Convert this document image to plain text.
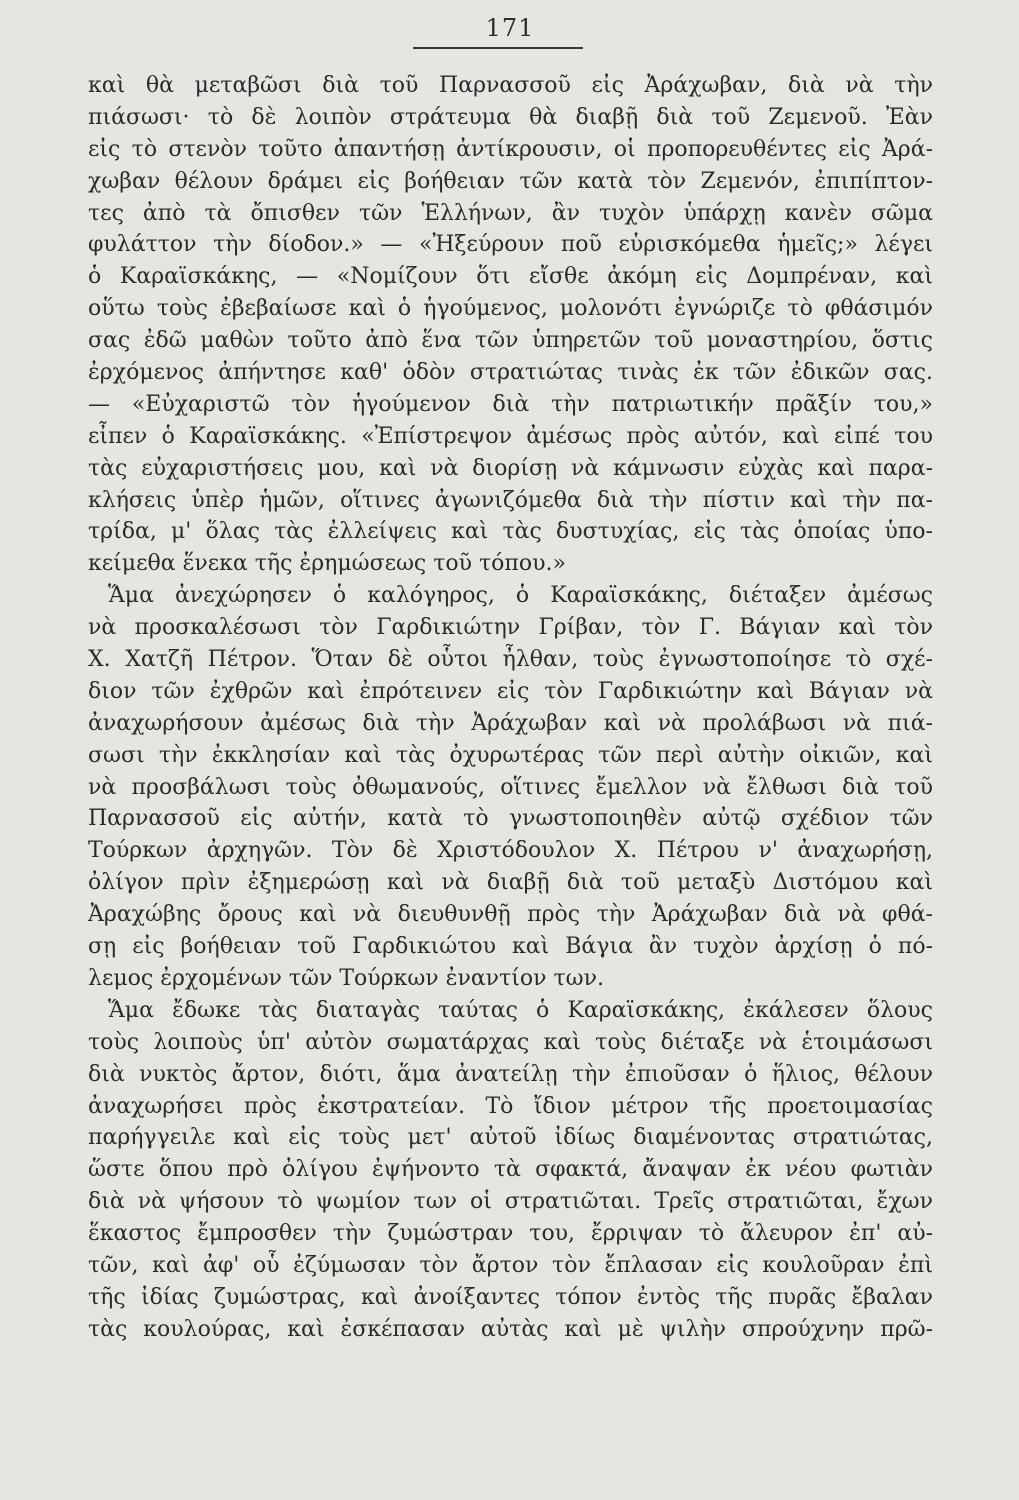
171
καὶ θὰ μεταβῶσι διὰ τοῦ Παρνασσοῦ εἰς Ἀράχωβαν, διὰ νὰ τὴν
πιάσωσι· τὸ δὲ λοιπὸν στράτευμα θὰ διαβῇ διὰ τοῦ Ζεμενοῦ. Ἐὰν
εἰς τὸ στενὸν τοῦτο ἀπαντήσῃ ἀντίκρουσιν, οἱ προπορευθέντες εἰς Ἀρά-
χωβαν θέλουν δράμει εἰς βοήθειαν τῶν κατὰ τὸν Ζεμενόν, ἐπιπίπτον-
τες ἀπὸ τὰ ὄπισθεν τῶν Ἑλλήνων, ἂν τυχὸν ὑπάρχῃ κανὲν σῶμα
φυλάττον τὴν δίοδον.» — «Ἠξεύρουν ποῦ εὑρισκόμεθα ἡμεῖς;» λέγει
ὁ Καραϊσκάκης, — «Νομίζουν ὅτι εἴσθε ἀκόμη εἰς Δομπρέναν, καὶ
οὕτω τοὺς ἐβεβαίωσε καὶ ὁ ἡγούμενος, μολονότι ἐγνώριζε τὸ φθάσιμόν
σας ἐδῶ μαθὼν τοῦτο ἀπὸ ἕνα τῶν ὑπηρετῶν τοῦ μοναστηρίου, ὅστις
ἐρχόμενος ἀπήντησε καθ' ὁδὸν στρατιώτας τινὰς ἐκ τῶν ἐδικῶν σας.
— «Εὐχαριστῶ τὸν ἡγούμενον διὰ τὴν πατριωτικήν πρᾶξίν του,»
εἶπεν ὁ Καραϊσκάκης. «Ἐπίστρεψον ἀμέσως πρὸς αὐτόν, καὶ εἰπέ του
τὰς εὐχαριστήσεις μου, καὶ νὰ διορίσῃ νὰ κάμνωσιν εὐχὰς καὶ παρα-
κλήσεις ὑπὲρ ἡμῶν, οἵτινες ἀγωνιζόμεθα διὰ τὴν πίστιν καὶ τὴν πα-
τρίδα, μ' ὅλας τὰς ἐλλείψεις καὶ τὰς δυστυχίας, εἰς τὰς ὁποίας ὑπο-
κείμεθα ἕνεκα τῆς ἐρημώσεως τοῦ τόπου.»
Ἅμα ἀνεχώρησεν ὁ καλόγηρος, ὁ Καραϊσκάκης, διέταξεν ἀμέσως
νὰ προσκαλέσωσι τὸν Γαρδικιώτην Γρίβαν, τὸν Γ. Βάγιαν καὶ τὸν
Χ. Χατζῆ Πέτρον. Ὅταν δὲ οὗτοι ἦλθαν, τοὺς ἐγνωστοποίησε τὸ σχέ-
διον τῶν ἐχθρῶν καὶ ἐπρότεινεν εἰς τὸν Γαρδικιώτην καὶ Βάγιαν νὰ
ἀναχωρήσουν ἀμέσως διὰ τὴν Ἀράχωβαν καὶ νὰ προλάβωσι νὰ πιά-
σωσι τὴν ἐκκλησίαν καὶ τὰς ὀχυρωτέρας τῶν περὶ αὐτὴν οἰκιῶν, καὶ
νὰ προσβάλωσι τοὺς ὀθωμανούς, οἵτινες ἔμελλον νὰ ἔλθωσι διὰ τοῦ
Παρνασσοῦ εἰς αὐτήν, κατὰ τὸ γνωστοποιηθὲν αὐτῷ σχέδιον τῶν
Τούρκων ἀρχηγῶν. Τὸν δὲ Χριστόδουλον Χ. Πέτρου ν' ἀναχωρήσῃ,
ὀλίγον πρὶν ἐξημερώσῃ καὶ νὰ διαβῇ διὰ τοῦ μεταξὺ Διστόμου καὶ
Ἀραχώβης ὄρους καὶ νὰ διευθυνθῇ πρὸς τὴν Ἀράχωβαν διὰ νὰ φθά-
σῃ εἰς βοήθειαν τοῦ Γαρδικιώτου καὶ Βάγια ἂν τυχὸν ἀρχίσῃ ὁ πό-
λεμος ἐρχομένων τῶν Τούρκων ἐναντίον των.
Ἅμα ἔδωκε τὰς διαταγὰς ταύτας ὁ Καραϊσκάκης, ἐκάλεσεν ὅλους
τοὺς λοιποὺς ὑπ' αὐτὸν σωματάρχας καὶ τοὺς διέταξε νὰ ἑτοιμάσωσι
διὰ νυκτὸς ἄρτον, διότι, ἅμα ἀνατείλῃ τὴν ἐπιοῦσαν ὁ ἥλιος, θέλουν
ἀναχωρήσει πρὸς ἐκστρατείαν. Τὸ ἴδιον μέτρον τῆς προετοιμασίας
παρήγγειλε καὶ εἰς τοὺς μετ' αὐτοῦ ἰδίως διαμένοντας στρατιώτας,
ὥστε ὅπου πρὸ ὀλίγου ἐψήνοντο τὰ σφακτά, ἄναψαν ἐκ νέου φωτιὰν
διὰ νὰ ψήσουν τὸ ψωμίον των οἱ στρατιῶται. Τρεῖς στρατιῶται, ἔχων
ἕκαστος ἔμπροσθεν τὴν ζυμώστραν του, ἔρριψαν τὸ ἄλευρον ἐπ' αὐ-
τῶν, καὶ ἀφ' οὗ ἐζύμωσαν τὸν ἄρτον τὸν ἔπλασαν εἰς κουλοῦραν ἐπὶ
τῆς ἰδίας ζυμώστρας, καὶ ἀνοίξαντες τόπον ἐντὸς τῆς πυρᾶς ἔβαλαν
τὰς κουλούρας, καὶ ἐσκέπασαν αὐτὰς καὶ μὲ ψιλὴν σπρούχνην πρῶ-
